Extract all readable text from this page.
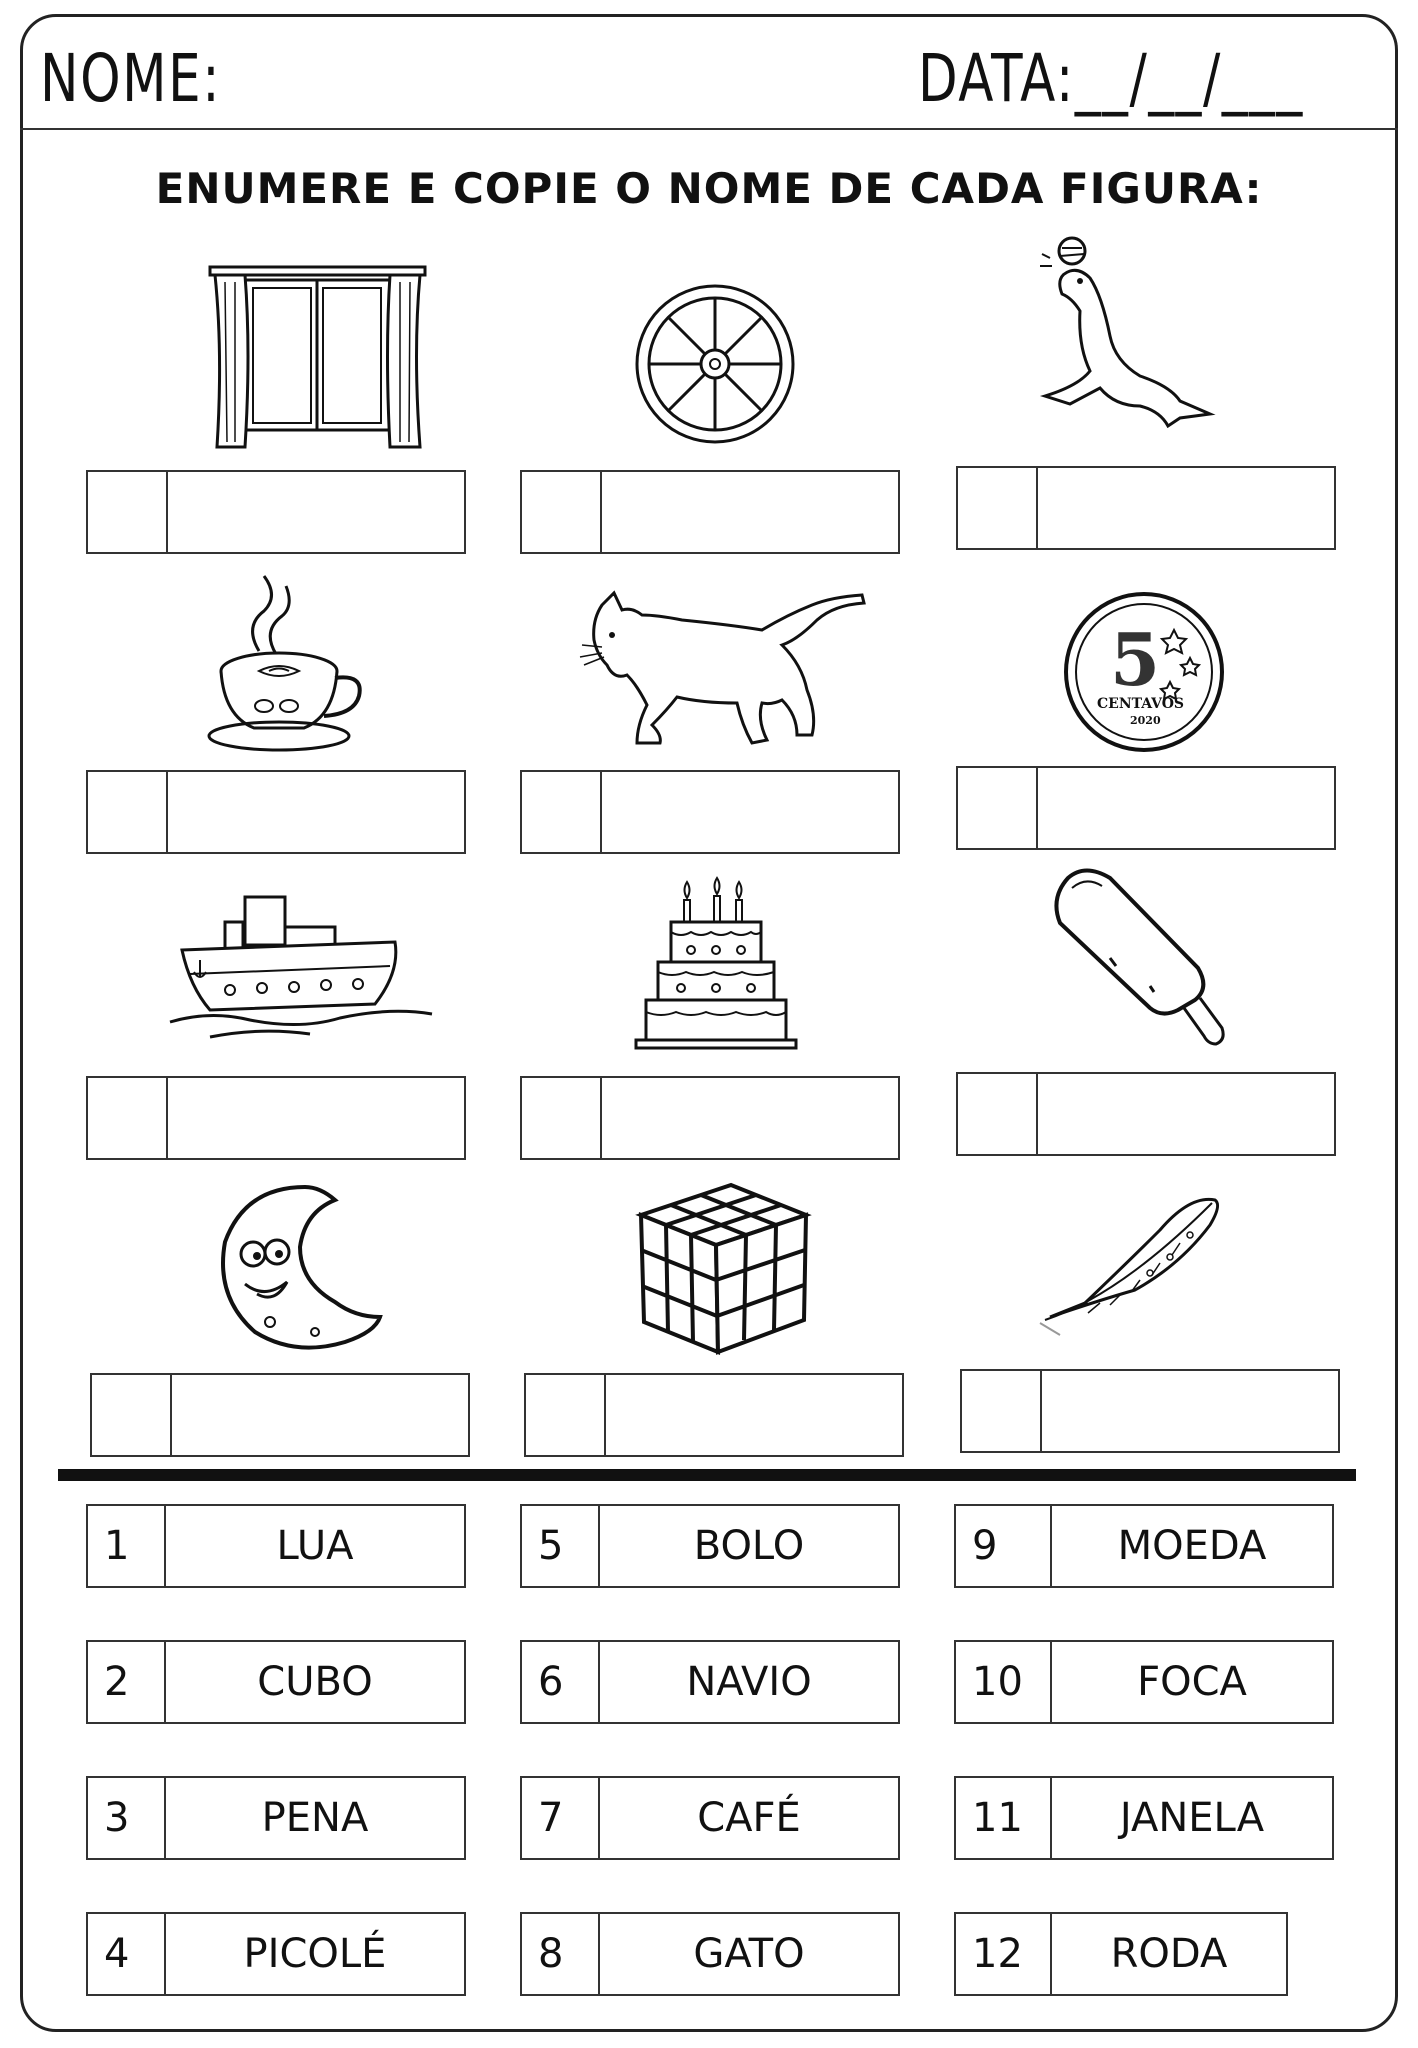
NOME:	DATA:__/__/___
ENUMERE E COPIE O NOME DE CADA FIGURA:
5
CENTAVOS
2020
1	LUA	5	BOLO	9	MOEDA
2	CUBO	6	NAVIO	10	FOCA
3	PENA	7	CAFÉ	11	JANELA
4	PICOLÉ	8	GATO	12	RODA
